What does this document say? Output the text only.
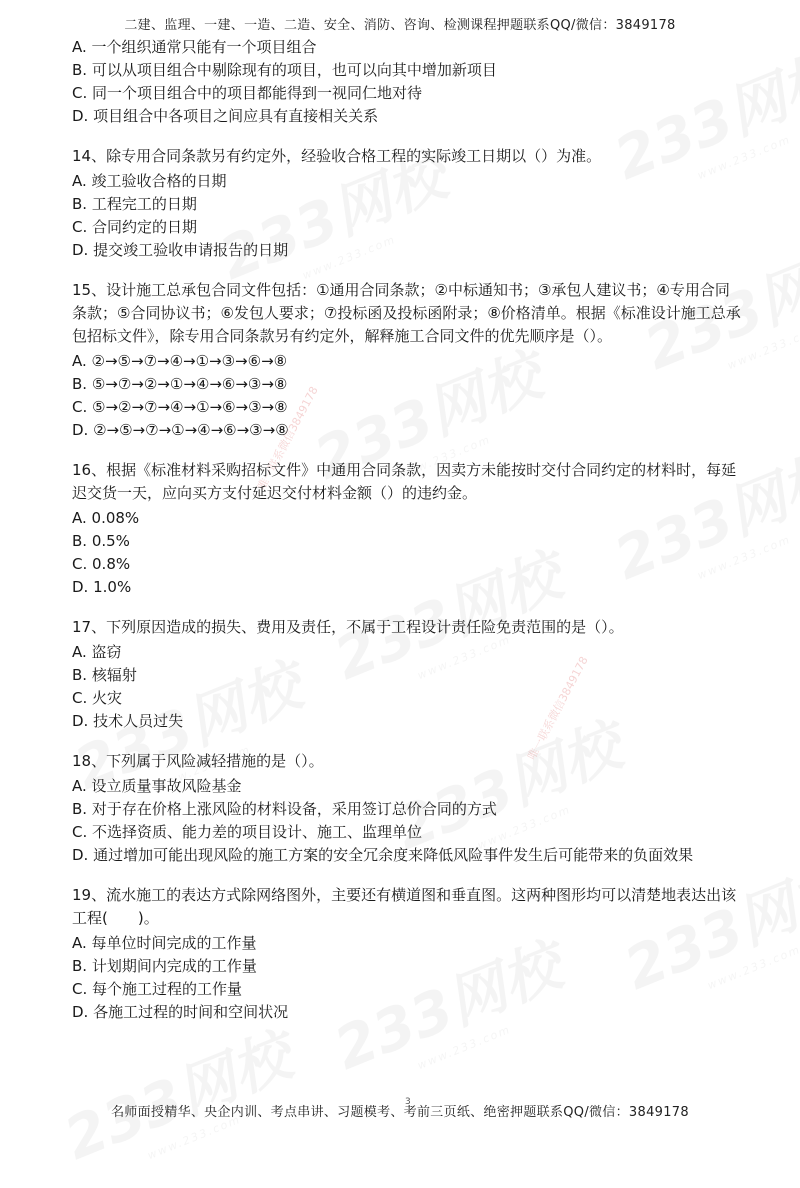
唯一联系微信3849178
唯一联系微信3849178
二建、监理、一建、一造、二造、安全、消防、咨询、检测课程押题联系QQ/微信：3849178

A. 一个组织通常只能有一个项目组合

B. 可以从项目组合中剔除现有的项目，也可以向其中增加新项目

C. 同一个项目组合中的项目都能得到一视同仁地对待

D. 项目组合中各项目之间应具有直接相关关系

14、除专用合同条款另有约定外，经验收合格工程的实际竣工日期以（）为准。

A. 竣工验收合格的日期

B. 工程完工的日期

C. 合同约定的日期

D. 提交竣工验收申请报告的日期

15、设计施工总承包合同文件包括：①通用合同条款；②中标通知书；③承包人建议书；④专用合同条款；⑤合同协议书；⑥发包人要求；⑦投标函及投标函附录；⑧价格清单。根据《标准设计施工总承包招标文件》，除专用合同条款另有约定外，解释施工合同文件的优先顺序是（）。

A. ②→⑤→⑦→④→①→③→⑥→⑧

B. ⑤→⑦→②→①→④→⑥→③→⑧

C. ⑤→②→⑦→④→①→⑥→③→⑧

D. ②→⑤→⑦→①→④→⑥→③→⑧

16、根据《标准材料采购招标文件》中通用合同条款，因卖方未能按时交付合同约定的材料时，每延迟交货一天，应向买方支付延迟交付材料金额（）的违约金。

A. 0.08%

B. 0.5%

C. 0.8%

D. 1.0%

17、下列原因造成的损失、费用及责任，不属于工程设计责任险免责范围的是（）。

A. 盗窃

B. 核辐射

C. 火灾

D. 技术人员过失

18、下列属于风险减轻措施的是（）。

A. 设立质量事故风险基金

B. 对于存在价格上涨风险的材料设备，采用签订总价合同的方式

C. 不选择资质、能力差的项目设计、施工、监理单位

D. 通过增加可能出现风险的施工方案的安全冗余度来降低风险事件发生后可能带来的负面效果

19、流水施工的表达方式除网络图外，主要还有横道图和垂直图。这两种图形均可以清楚地表达出该工程(　　)。

A. 每单位时间完成的工作量

B. 计划期间内完成的工作量

C. 每个施工过程的工作量

D. 各施工过程的时间和空间状况

名师面授精华、央企内训、考点串讲、习题模考、考前三页纸、绝密押题联系QQ/微信：3849178
3
